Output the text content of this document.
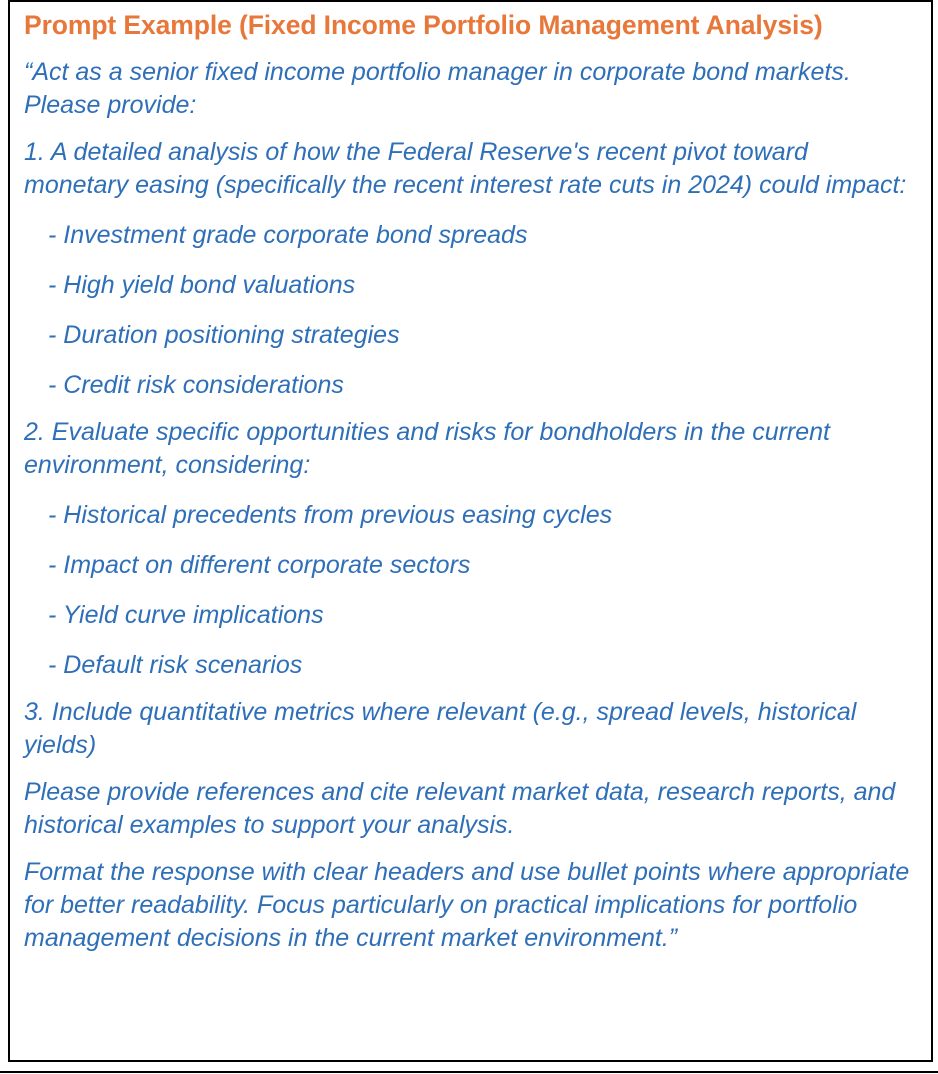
Prompt Example (Fixed Income Portfolio Management Analysis)

“Act as a senior fixed income portfolio manager in corporate bond markets. Please provide:

1. A detailed analysis of how the Federal Reserve's recent pivot toward monetary easing (specifically the recent interest rate cuts in 2024) could impact:

- Investment grade corporate bond spreads

- High yield bond valuations

- Duration positioning strategies

- Credit risk considerations

2. Evaluate specific opportunities and risks for bondholders in the current environment, considering:

- Historical precedents from previous easing cycles

- Impact on different corporate sectors

- Yield curve implications

- Default risk scenarios

3. Include quantitative metrics where relevant (e.g., spread levels, historical yields)

Please provide references and cite relevant market data, research reports, and historical examples to support your analysis.

Format the response with clear headers and use bullet points where appropriate for better readability. Focus particularly on practical implications for portfolio management decisions in the current market environment.”
